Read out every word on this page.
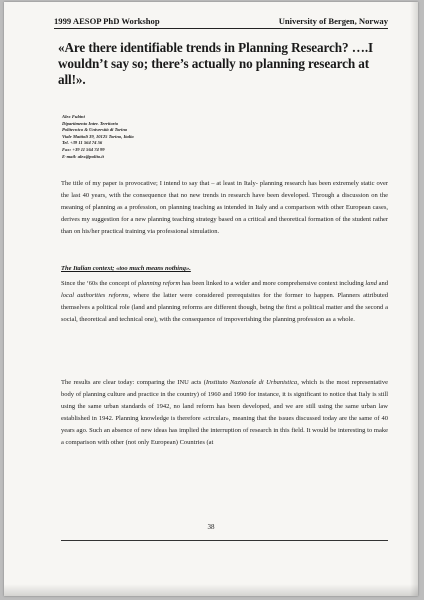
1999 AESOP PhD Workshop	University of Bergen, Norway
«Are there identifiable trends in Planning Research? ….I wouldn’t say so; there’s actually no planning research at all!».
Alex Fubini
Dipartimento Inter. Territorio
Politecnico & Università di Torino
Viale Mattioli 39, 10125 Torino, Italia
Tel. +39 11 564 74 56
Fax: +39 11 564 74 99
E-mail: alex@polito.it
The title of my paper is provocative; I intend to say that – at least in Italy- planning research has been extremely static over the last 40 years, with the consequence that no new trends in research have been developed. Through a discussion on the meaning of planning as a profession, on planning teaching as intended in Italy and a comparison with other European cases, derives my suggestion for a new planning teaching strategy based on a critical and theoretical formation of the student rather than on his/her practical training via professional simulation.
The Italian context; «too much means nothing».
Since the ‘60s the concept of planning reform has been linked to a wider and more comprehensive context including land and local authorities reforms, where the latter were considered prerequisites for the former to happen. Planners attributed themselves a political role (land and planning reforms are different though, being the first a political matter and the second a social, theoretical and technical one), with the consequence of impoverishing the planning profession as a whole.
The results are clear today: comparing the INU acts (Instituto Nazionale di Urbanistica, which is the most representative body of planning culture and practice in the country) of 1960 and 1990 for instance, it is significant to notice that Italy is still using the same urban standards of 1942, no land reform has been developed, and we are still using the same urban law established in 1942. Planning knowledge is therefore «circular», meaning that the issues discussed today are the same of 40 years ago. Such an absence of new ideas has implied the interruption of research in this field. It would be interesting to make a comparison with other (not only European) Countries (at
38
